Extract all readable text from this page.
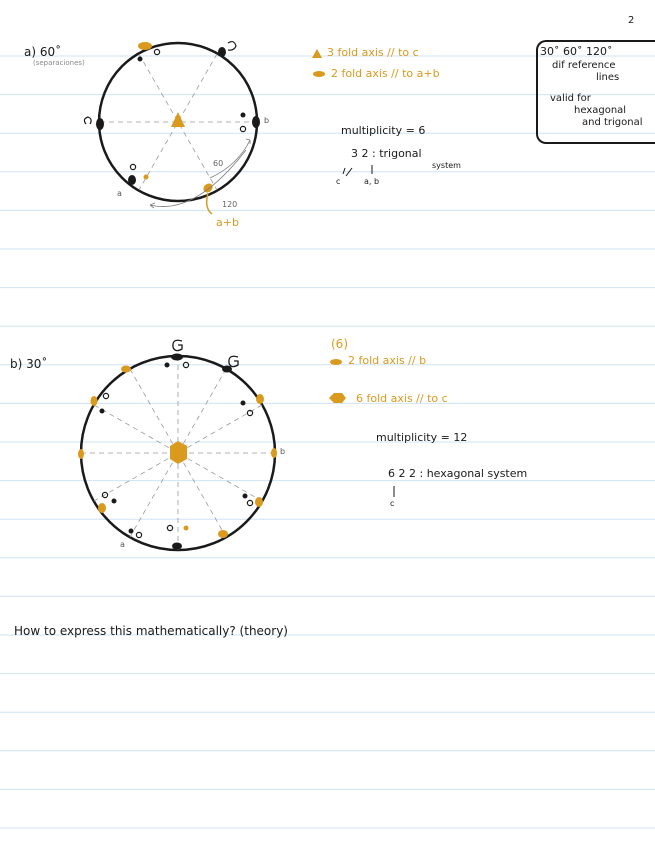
2
a) 60˚
(separaciones)
b
a
a+b
60
120
3 fold axis // to c
2 fold axis // to a+b
multiplicity = 6
3 2 : trigonal
system
c	a, b
30˚ 60˚ 120˚
dif reference
lines
valid for
hexagonal
and trigonal
b) 30˚
b
a
(6)
2 fold axis // b
6 fold axis // to c
multiplicity = 12
6 2 2 : hexagonal system
c
How to express this mathematically? (theory)
